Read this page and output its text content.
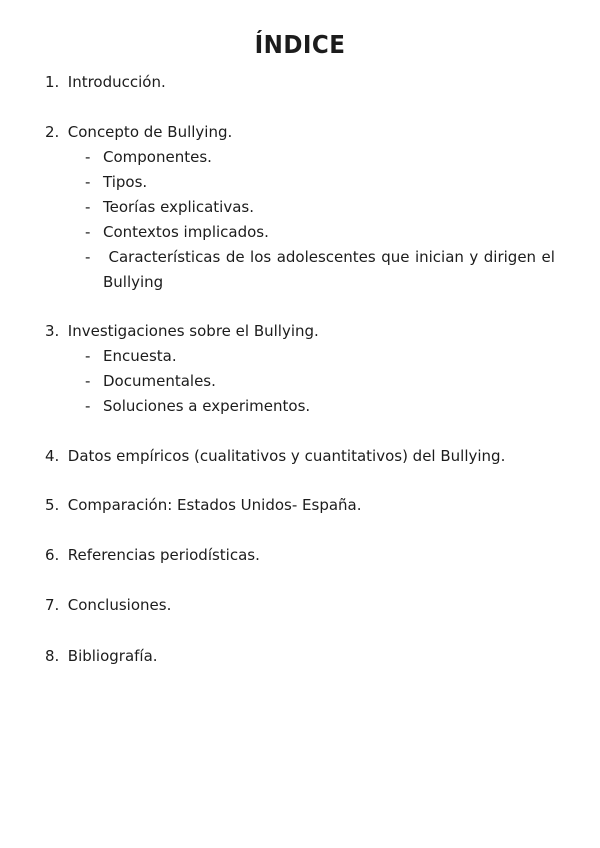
ÍNDICE
1. Introducción.
2. Concepto de Bullying.
- Componentes.
- Tipos.
- Teorías explicativas.
- Contextos implicados.
-	Características de los adolescentes que inician y dirigen el
Bullying
3. Investigaciones sobre el Bullying.
- Encuesta.
- Documentales.
- Soluciones a experimentos.
4. Datos empíricos (cualitativos y cuantitativos) del Bullying.
5. Comparación: Estados Unidos- España.
6. Referencias periodísticas.
7. Conclusiones.
8. Bibliografía.
